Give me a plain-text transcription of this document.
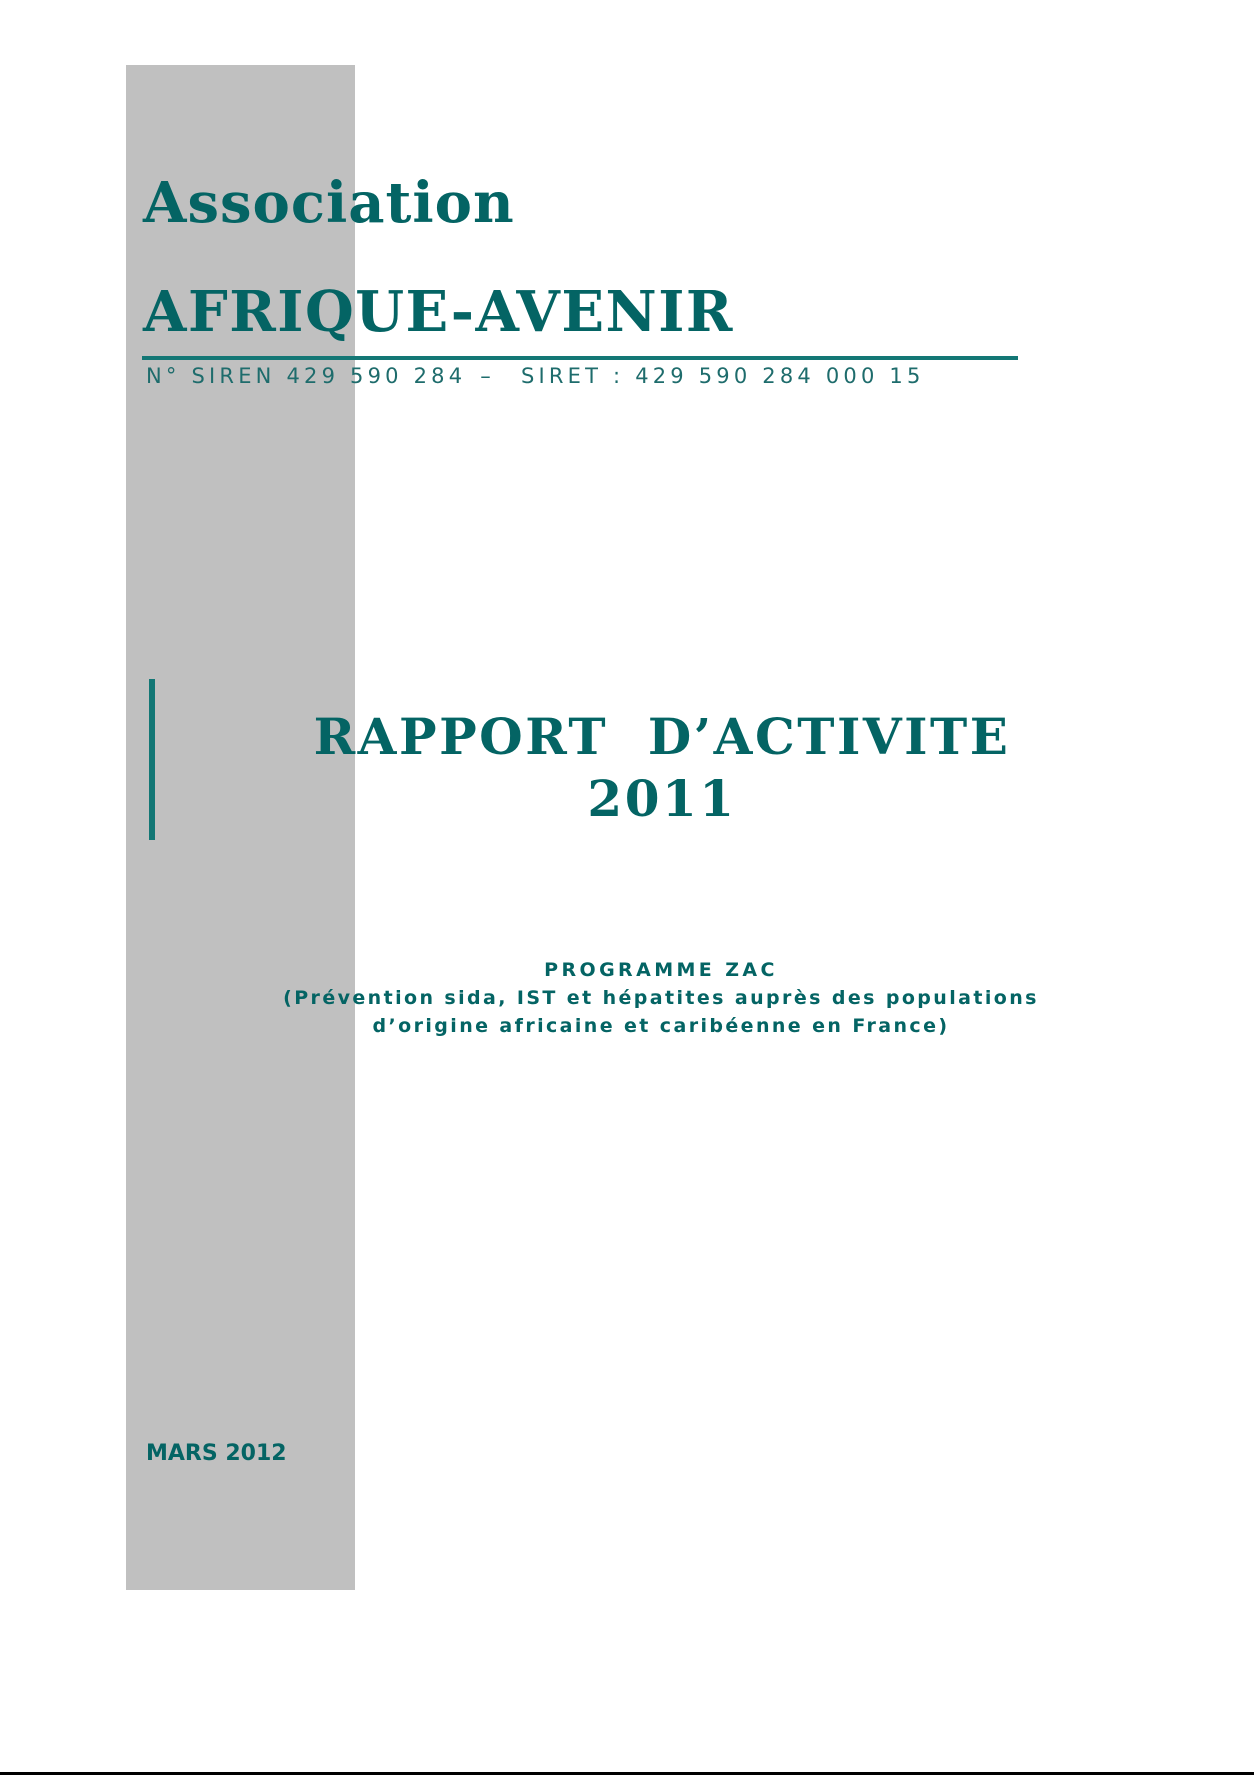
Association
AFRIQUE-AVENIR
N° SIREN 429 590 284 – SIRET : 429 590 284 000 15
RAPPORT  D’ACTIVITE
2011
PROGRAMME ZAC
(Prévention sida, IST et hépatites auprès des populations
d’origine africaine et caribéenne en France)
MARS 2012
